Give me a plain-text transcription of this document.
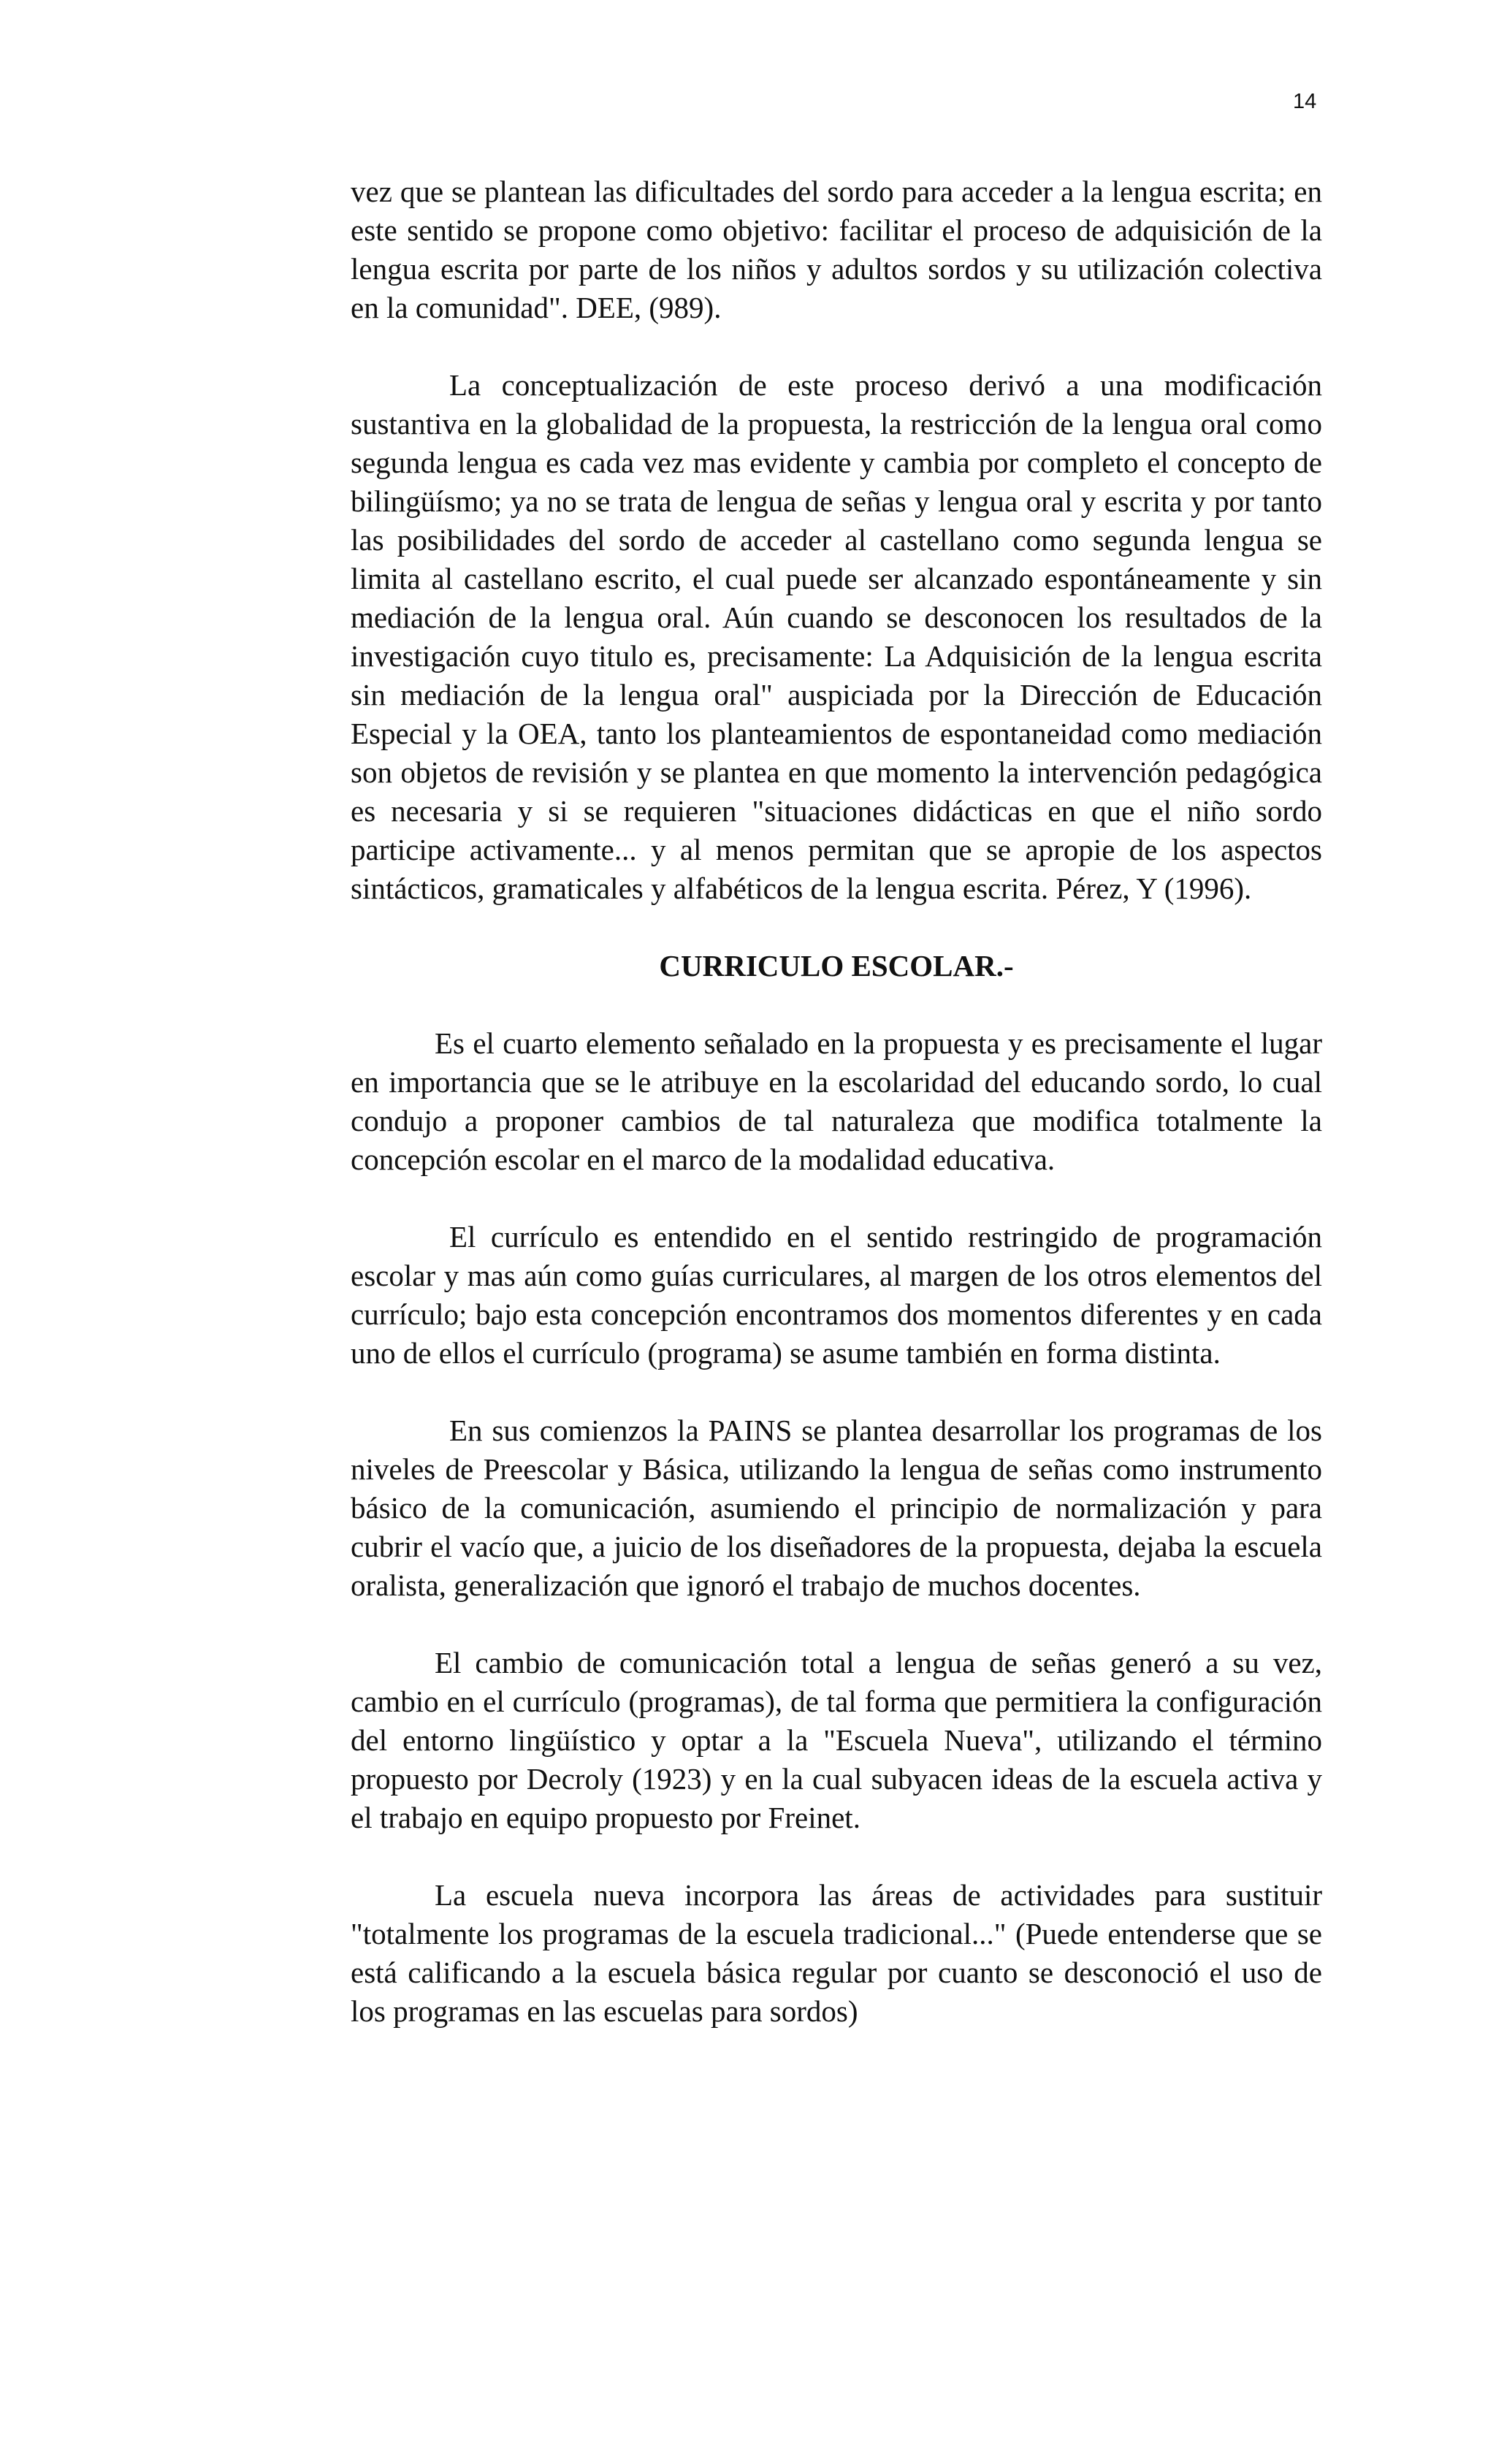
14

vez que se plantean las dificultades del sordo para acceder a la lengua escrita; en este sentido se propone como objetivo: facilitar el proceso de adquisición de la lengua escrita por parte de los niños y adultos sordos y su utilización colectiva en la comunidad". DEE, (989).

La conceptualización de este proceso derivó a una modificación sustantiva en la globalidad de la propuesta, la restricción de la lengua oral como segunda lengua es cada vez mas evidente y cambia por completo el concepto de bilingüísmo; ya no se trata de lengua de señas y lengua oral y escrita y por tanto las posibilidades del sordo de acceder al castellano como segunda lengua se limita al castellano escrito, el cual puede ser alcanzado espontáneamente y sin mediación de la lengua oral. Aún cuando se desconocen los resultados de la investigación cuyo titulo es, precisamente: La Adquisición de la lengua escrita sin mediación de la lengua oral" auspiciada por la Dirección de Educación Especial y la OEA, tanto los planteamientos de espontaneidad como mediación son objetos de revisión y se plantea en que momento la intervención pedagógica es necesaria y si se requieren "situaciones didácticas en que el niño sordo participe activamente... y al menos permitan que se apropie de los aspectos sintácticos, gramaticales y alfabéticos de la lengua escrita. Pérez, Y (1996).

CURRICULO ESCOLAR.-

Es el cuarto elemento señalado en la propuesta y es precisamente el lugar en importancia que se le atribuye en la escolaridad del educando sordo, lo cual condujo a proponer cambios de tal naturaleza que modifica totalmente la concepción escolar en el marco de la modalidad educativa.

El currículo es entendido en el sentido restringido de programación escolar y mas aún como guías curriculares, al margen de los otros elementos del currículo; bajo esta concepción encontramos dos momentos diferentes y en cada uno de ellos el currículo (programa) se asume también en forma distinta.

En sus comienzos la PAINS se plantea desarrollar los programas de los niveles de Preescolar y Básica, utilizando la lengua de señas como instrumento básico de la comunicación, asumiendo el principio de normalización y para cubrir el vacío que, a juicio de los diseñadores de la propuesta, dejaba la escuela oralista, generalización que ignoró el trabajo de muchos docentes.

El cambio de comunicación total a lengua de señas generó a su vez, cambio en el currículo (programas), de tal forma que permitiera la configuración del entorno lingüístico y optar a la "Escuela Nueva", utilizando el término propuesto por Decroly (1923) y en la cual subyacen ideas de la escuela activa y el trabajo en equipo propuesto por Freinet.

La escuela nueva incorpora las áreas de actividades para sustituir "totalmente los programas de la escuela tradicional..." (Puede entenderse que se está calificando a la escuela básica regular por cuanto se desconoció el uso de los programas en las escuelas para sordos)
